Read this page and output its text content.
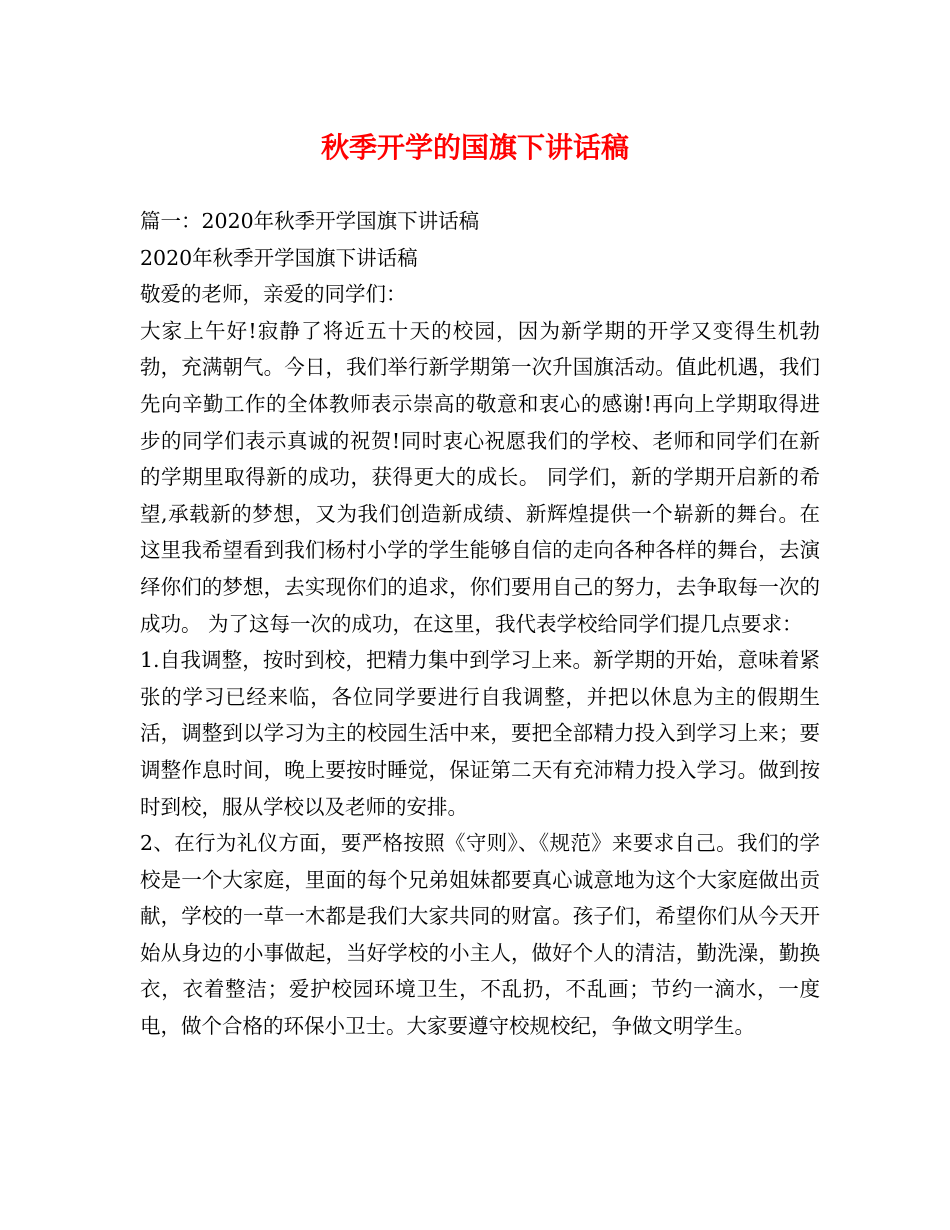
秋季开学的国旗下讲话稿

篇一：2020年秋季开学国旗下讲话稿

2020年秋季开学国旗下讲话稿

敬爱的老师，亲爱的同学们：

大家上午好!寂静了将近五十天的校园，因为新学期的开学又变得生机勃勃，充满朝气。今日，我们举行新学期第一次升国旗活动。值此机遇，我们先向辛勤工作的全体教师表示崇高的敬意和衷心的感谢!再向上学期取得进步的同学们表示真诚的祝贺!同时衷心祝愿我们的学校、老师和同学们在新的学期里取得新的成功，获得更大的成长。 同学们，新的学期开启新的希望,承载新的梦想，又为我们创造新成绩、新辉煌提供一个崭新的舞台。在这里我希望看到我们杨村小学的学生能够自信的走向各种各样的舞台，去演绎你们的梦想，去实现你们的追求，你们要用自己的努力，去争取每一次的成功。 为了这每一次的成功，在这里，我代表学校给同学们提几点要求：

1.自我调整，按时到校，把精力集中到学习上来。新学期的开始，意味着紧张的学习已经来临，各位同学要进行自我调整，并把以休息为主的假期生活，调整到以学习为主的校园生活中来，要把全部精力投入到学习上来；要调整作息时间，晚上要按时睡觉，保证第二天有充沛精力投入学习。做到按时到校，服从学校以及老师的安排。

2、在行为礼仪方面，要严格按照《守则》、《规范》来要求自己。我们的学校是一个大家庭，里面的每个兄弟姐妹都要真心诚意地为这个大家庭做出贡献，学校的一草一木都是我们大家共同的财富。孩子们，希望你们从今天开始从身边的小事做起，当好学校的小主人，做好个人的清洁，勤洗澡，勤换衣，衣着整洁；爱护校园环境卫生，不乱扔，不乱画；节约一滴水，一度电，做个合格的环保小卫士。大家要遵守校规校纪，争做文明学生。
